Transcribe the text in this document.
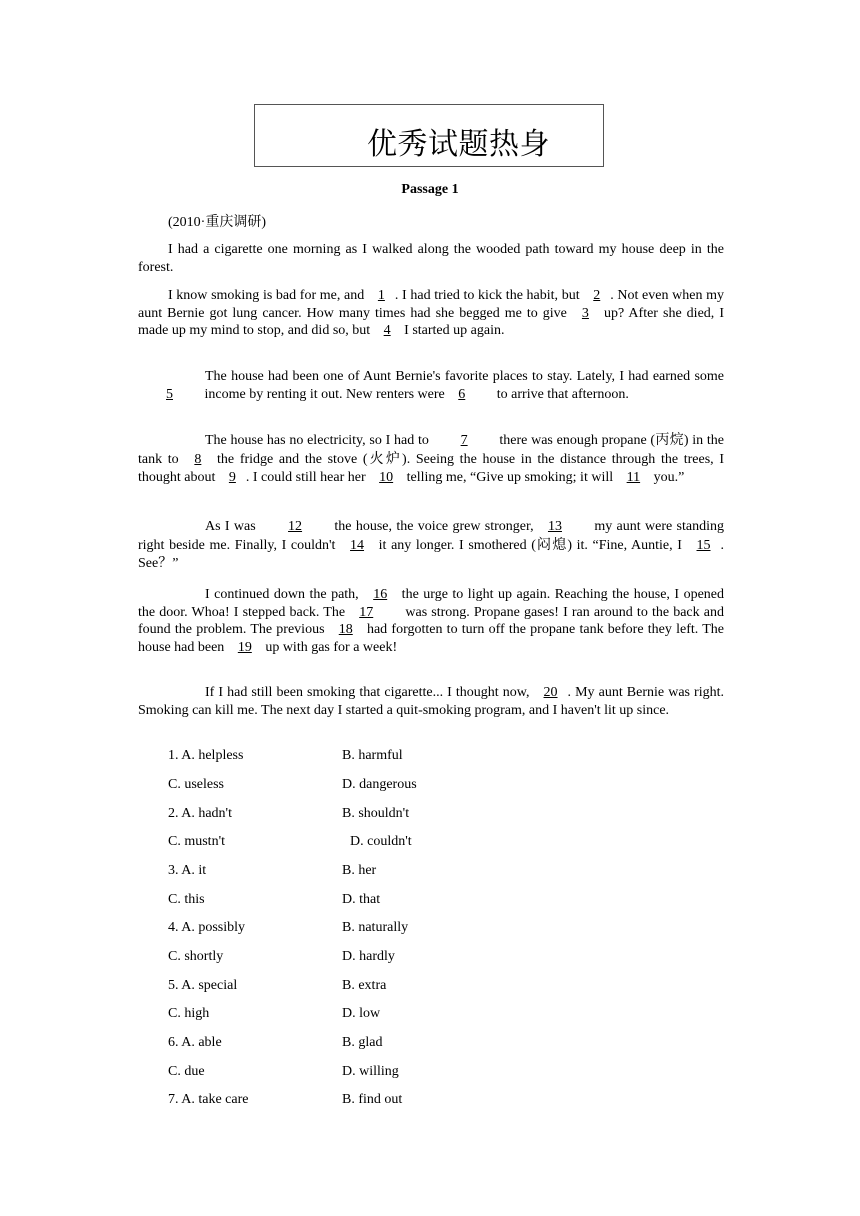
优秀试题热身
Passage 1
(2010·重庆调研)
I had a cigarette one morning as I walked along the wooded path toward my house deep in the forest.
I know smoking is bad for me, and 1 . I had tried to kick the habit, but 2 . Not even when my aunt Bernie got lung cancer. How many times had she begged me to give 3 up? After she died, I made up my mind to stop, and did so, but 4 I started up again.
The house had been one of Aunt Bernie's favorite places to stay. Lately, I had earned some 5 income by renting it out. New renters were 6 to arrive that afternoon.
The house has no electricity, so I had to 7 there was enough propane (丙烷) in the tank to 8 the fridge and the stove (火炉). Seeing the house in the distance through the trees, I thought about 9 . I could still hear her 10 telling me, “Give up smoking; it will 11 you.”
As I was 12 the house, the voice grew stronger, 13 my aunt were standing right beside me. Finally, I couldn't 14 it any longer. I smothered (闷熄) it. “Fine, Auntie, I 15 . See？”
I continued down the path, 16 the urge to light up again. Reaching the house, I opened the door. Whoa! I stepped back. The 17 was strong. Propane gases! I ran around to the back and found the problem. The previous 18 had forgotten to turn off the propane tank before they left. The house had been 19 up with gas for a week!
If I had still been smoking that cigarette... I thought now, 20 . My aunt Bernie was right. Smoking can kill me. The next day I started a quit-smoking program, and I haven't lit up since.
1. A. helpless	B. harmful
C. useless	D. dangerous
2. A. hadn't	B. shouldn't
C. mustn't	D. couldn't
3. A. it	B. her
C. this	D. that
4. A. possibly	B. naturally
C. shortly	D. hardly
5. A. special	B. extra
C. high	D. low
6. A. able	B. glad
C. due	D. willing
7. A. take care	B. find out
